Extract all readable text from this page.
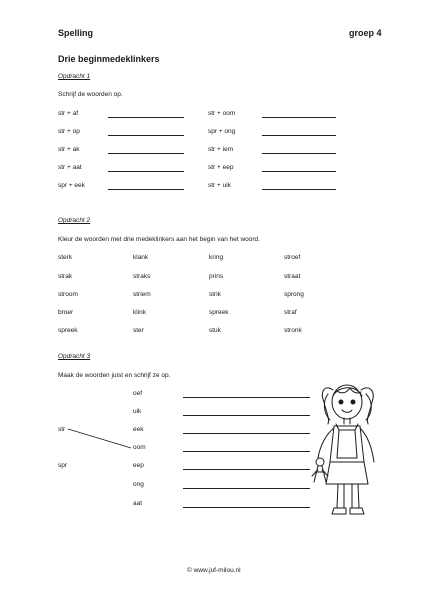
Spelling	groep 4
Drie beginmedeklinkers
Opdracht 1
Schrijf de woorden op.
str + af	str + oom
str + op	spr + ong
str + ak	str + iem
str + aat	str + eep
spr + eek	str + uik
Opdracht 2
Kleur de woorden met drie medeklinkers aan het begin van het woord.
sterk	klank	kring	stroef
strak	straks	prins	straat
stroom	striem	strik	sprong
broer	klink	spreek	straf
spreek	ster	stuk	stronk
Opdracht 3
Maak de woorden juist en schrijf ze op.
str
spr
oef
uik
eek
oom
eep
ong
aat
© www.juf-milou.nl
